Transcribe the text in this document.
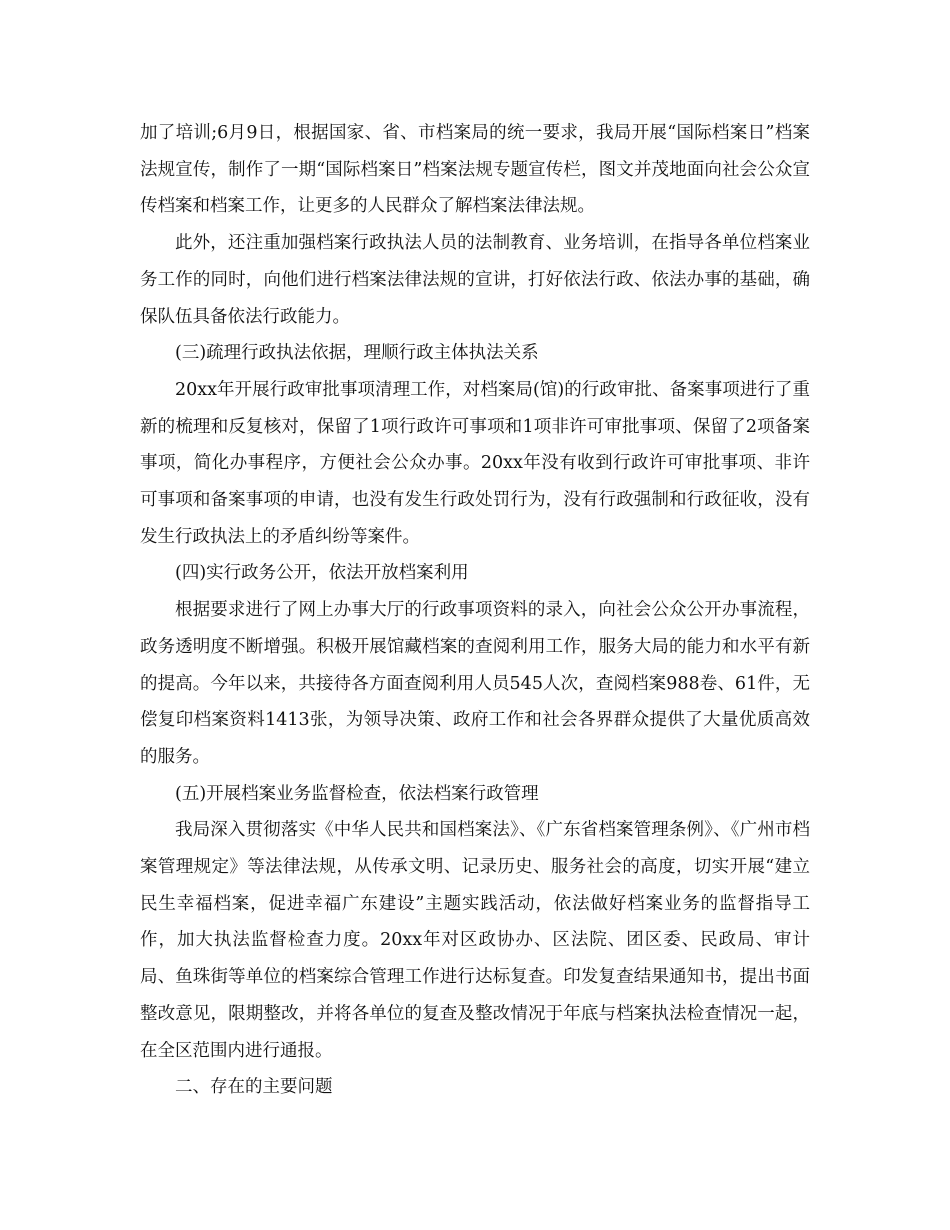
加了培训;6月9日，根据国家、省、市档案局的统一要求，我局开展“国际档案日”档案法规宣传，制作了一期“国际档案日”档案法规专题宣传栏，图文并茂地面向社会公众宣传档案和档案工作，让更多的人民群众了解档案法律法规。

此外，还注重加强档案行政执法人员的法制教育、业务培训，在指导各单位档案业务工作的同时，向他们进行档案法律法规的宣讲，打好依法行政、依法办事的基础，确保队伍具备依法行政能力。

(三)疏理行政执法依据，理顺行政主体执法关系

20xx年开展行政审批事项清理工作，对档案局(馆)的行政审批、备案事项进行了重新的梳理和反复核对，保留了1项行政许可事项和1项非许可审批事项、保留了2项备案事项，简化办事程序，方便社会公众办事。20xx年没有收到行政许可审批事项、非许可事项和备案事项的申请，也没有发生行政处罚行为，没有行政强制和行政征收，没有发生行政执法上的矛盾纠纷等案件。

(四)实行政务公开，依法开放档案利用

根据要求进行了网上办事大厅的行政事项资料的录入，向社会公众公开办事流程，政务透明度不断增强。积极开展馆藏档案的查阅利用工作，服务大局的能力和水平有新的提高。今年以来，共接待各方面查阅利用人员545人次，查阅档案988卷、61件，无偿复印档案资料1413张，为领导决策、政府工作和社会各界群众提供了大量优质高效的服务。

(五)开展档案业务监督检查，依法档案行政管理

我局深入贯彻落实《中华人民共和国档案法》、《广东省档案管理条例》、《广州市档案管理规定》等法律法规，从传承文明、记录历史、服务社会的高度，切实开展“建立民生幸福档案，促进幸福广东建设”主题实践活动，依法做好档案业务的监督指导工作，加大执法监督检查力度。20xx年对区政协办、区法院、团区委、民政局、审计局、鱼珠街等单位的档案综合管理工作进行达标复查。印发复查结果通知书，提出书面整改意见，限期整改，并将各单位的复查及整改情况于年底与档案执法检查情况一起，在全区范围内进行通报。

二、存在的主要问题
